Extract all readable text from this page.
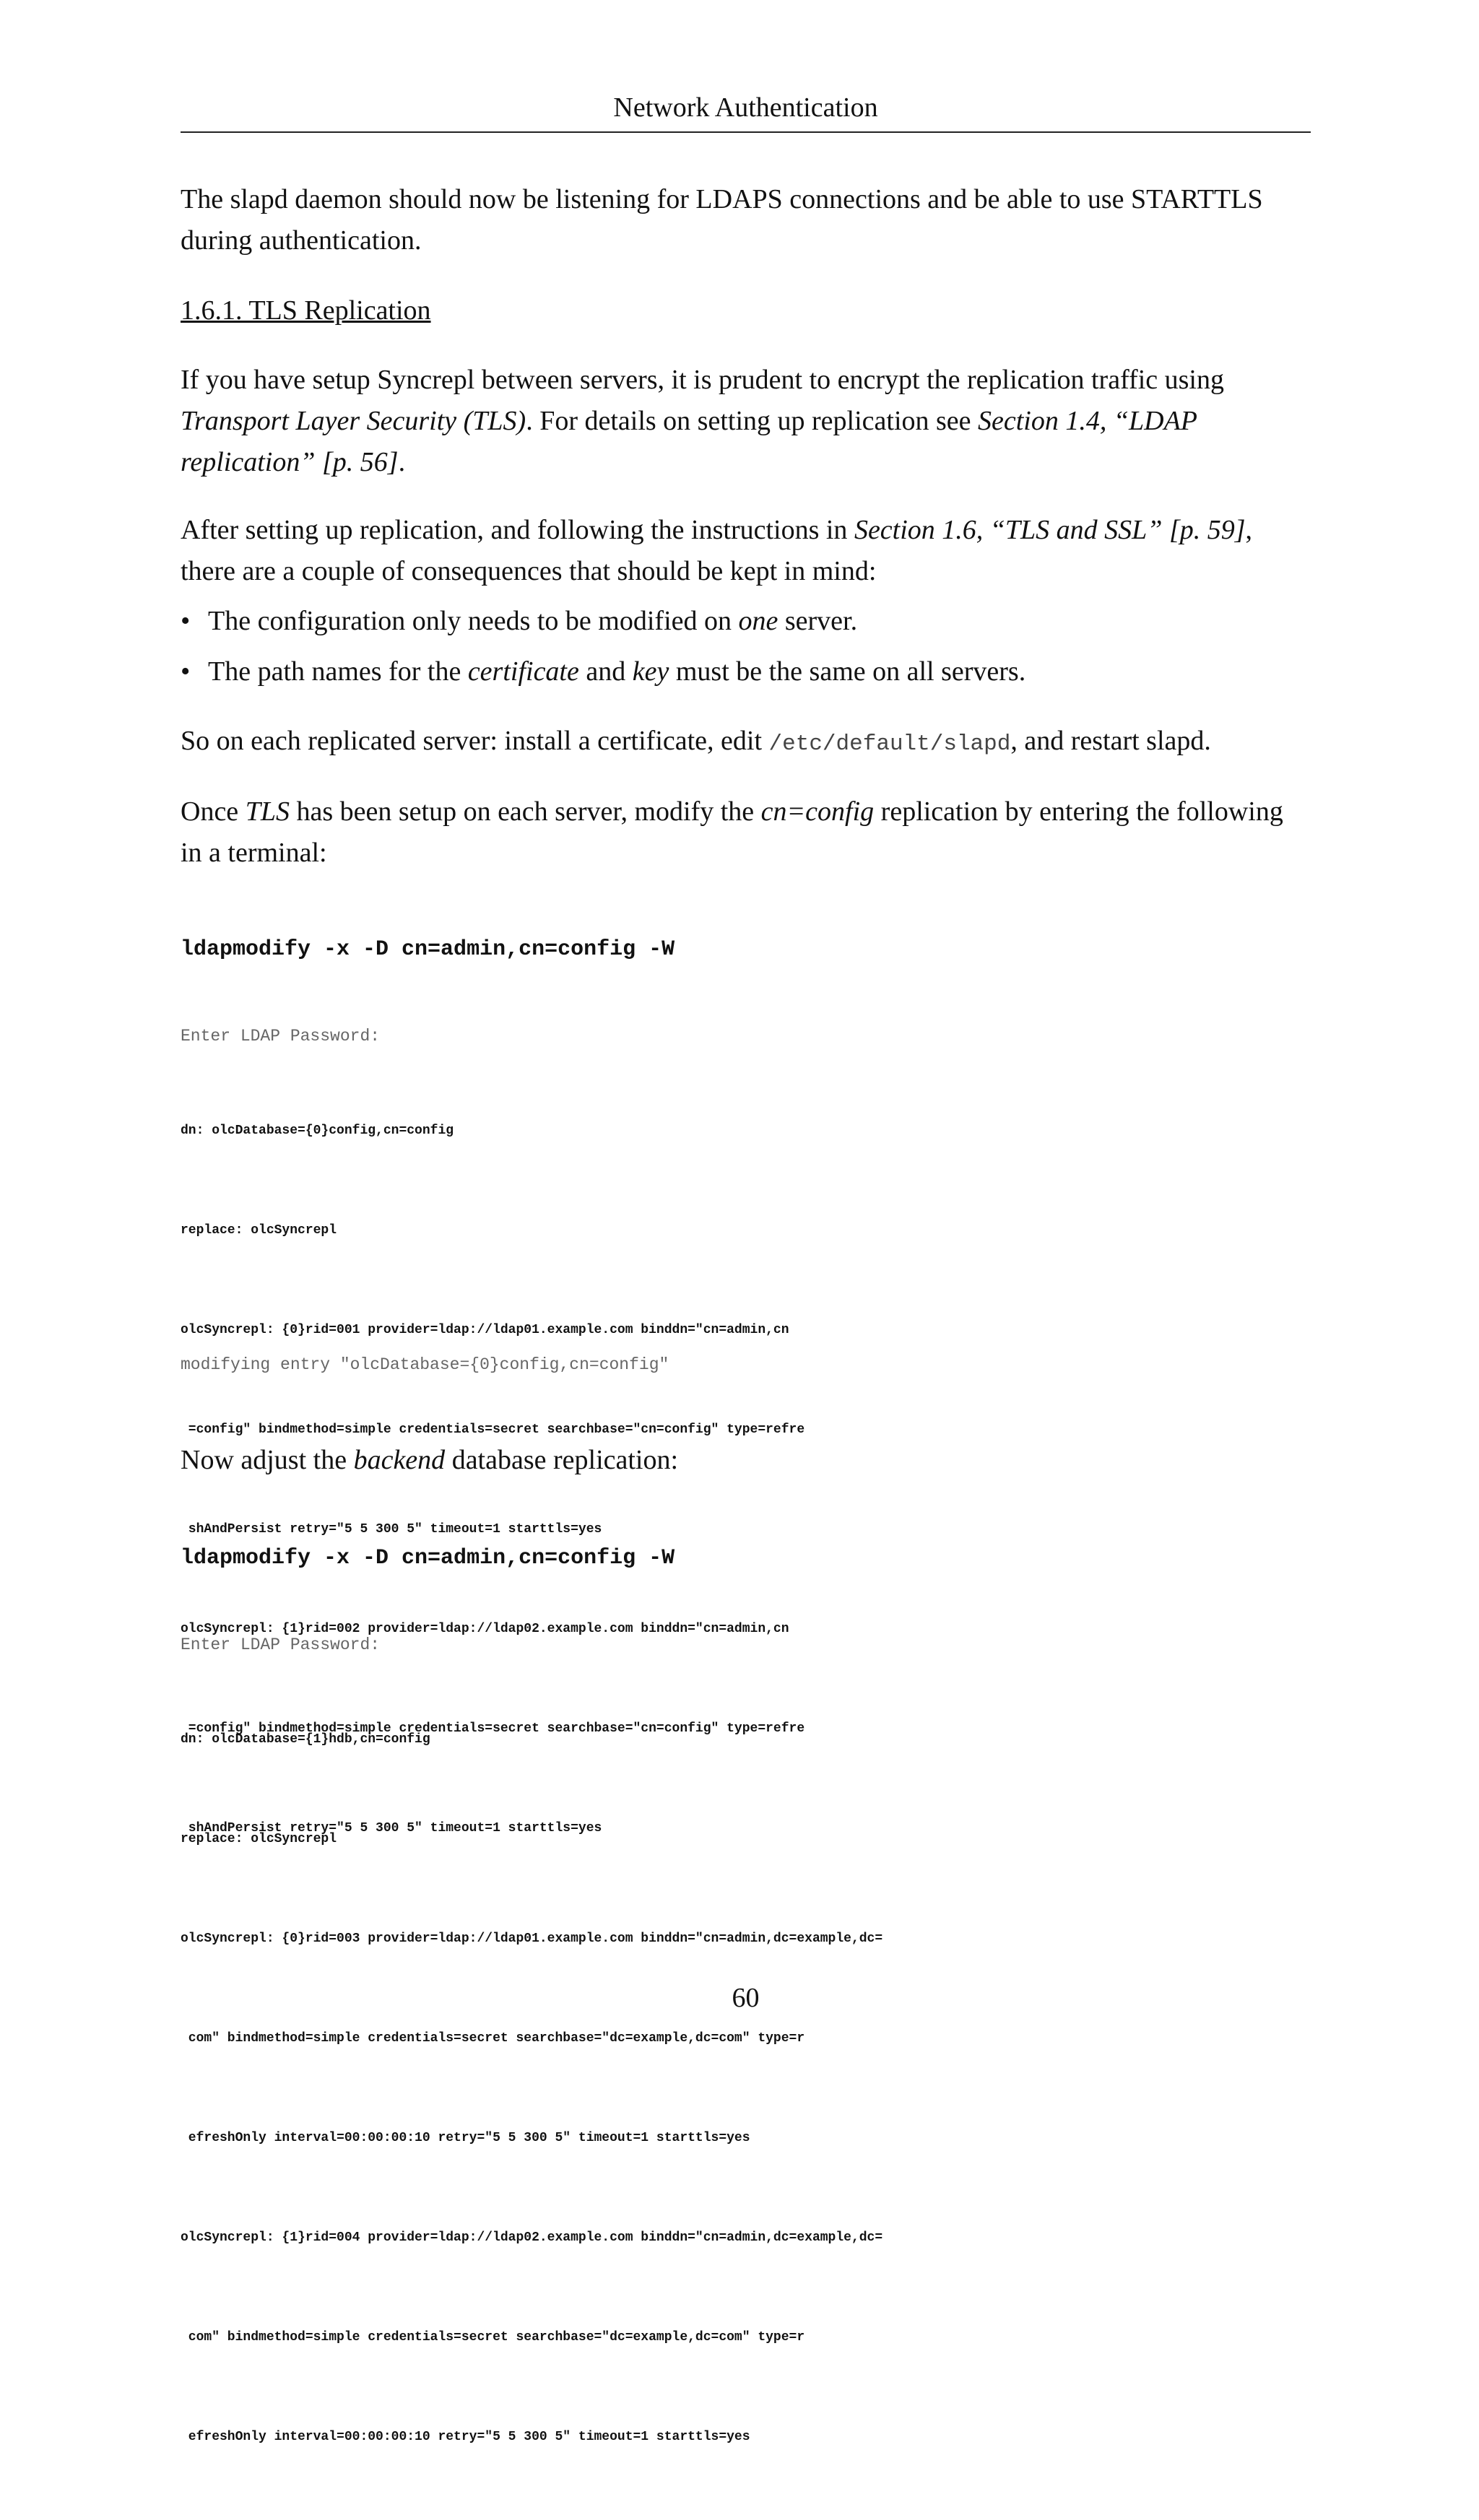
Network Authentication
The slapd daemon should now be listening for LDAPS connections and be able to use STARTTLS during authentication.
1.6.1. TLS Replication
If you have setup Syncrepl between servers, it is prudent to encrypt the replication traffic using Transport Layer Security (TLS). For details on setting up replication see Section 1.4, “LDAP replication” [p. 56].
After setting up replication, and following the instructions in Section 1.6, “TLS and SSL” [p. 59], there are a couple of consequences that should be kept in mind:
• The configuration only needs to be modified on one server.
• The path names for the certificate and key must be the same on all servers.
So on each replicated server: install a certificate, edit /etc/default/slapd, and restart slapd.
Once TLS has been setup on each server, modify the cn=config replication by entering the following in a terminal:
ldapmodify -x -D cn=admin,cn=config -W
Enter LDAP Password:

dn: olcDatabase={0}config,cn=config

replace: olcSyncrepl

olcSyncrepl: {0}rid=001 provider=ldap://ldap01.example.com binddn="cn=admin,cn

=config" bindmethod=simple credentials=secret searchbase="cn=config" type=refre

shAndPersist retry="5 5 300 5" timeout=1 starttls=yes

olcSyncrepl: {1}rid=002 provider=ldap://ldap02.example.com binddn="cn=admin,cn

=config" bindmethod=simple credentials=secret searchbase="cn=config" type=refre

shAndPersist retry="5 5 300 5" timeout=1 starttls=yes

modifying entry "olcDatabase={0}config,cn=config"
Now adjust the backend database replication:
ldapmodify -x -D cn=admin,cn=config -W
Enter LDAP Password:

dn: olcDatabase={1}hdb,cn=config

replace: olcSyncrepl

olcSyncrepl: {0}rid=003 provider=ldap://ldap01.example.com binddn="cn=admin,dc=example,dc=

com" bindmethod=simple credentials=secret searchbase="dc=example,dc=com" type=r

efreshOnly interval=00:00:00:10 retry="5 5 300 5" timeout=1 starttls=yes

olcSyncrepl: {1}rid=004 provider=ldap://ldap02.example.com binddn="cn=admin,dc=example,dc=

com" bindmethod=simple credentials=secret searchbase="dc=example,dc=com" type=r

efreshOnly interval=00:00:00:10 retry="5 5 300 5" timeout=1 starttls=yes

60
